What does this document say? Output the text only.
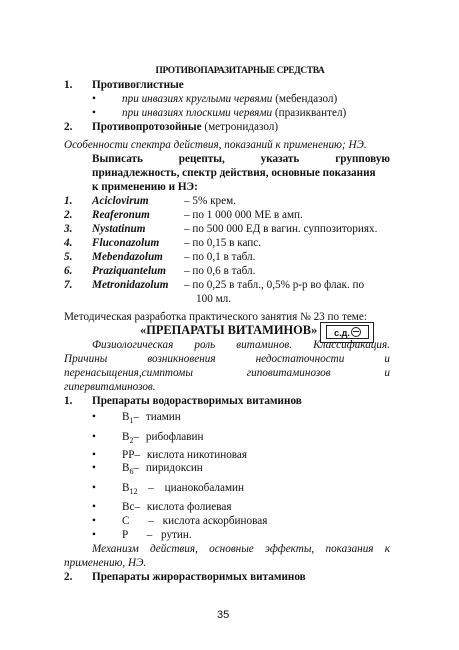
ПРОТИВОПАРАЗИТАРНЫЕ СРЕДСТВА
1. Противоглистные
• при инвазиях круглыми червями (мебендазол)
• при инвазиях плоскими червями (празиквантел)
2. Противопротозойные (метронидазол)
Особенности спектра действия, показаний к применению; НЭ.
Выписать	рецепты,	указать	групповую
принадлежность, спектр действия, основные показания
к применению и НЭ:
1. Aciclovirum	– 5% крем.
2. Reaferonum	– по 1 000 000 МЕ в амп.
3. Nystatinum	– по 500 000 ЕД в вагин. суппозиториях.
4. Fluconazolum – по 0,15 в капс.
5. Mebendazolum – по 0,1 в табл.
6. Praziquantelum – по 0,6 в табл.
7. Metronidazolum – по 0,25 в табл., 0,5% р-р во флак. по
100 мл.
Методическая разработка практического занятия № 23 по теме:
«ПРЕПАРАТЫ ВИТАМИНОВ»	с.д.
Физиологическая роль витаминов. Классификация.
Причины	возникновения	недостаточности	и
перенасыщения,симптомы	гиповитаминозов	и
гипервитаминозов.
1. Препараты водорастворимых витаминов
• $B_1-$ тиамин
• $B_2-$ рибофлавин
• PP– кислота никотиновая
• $B_6-$ пиридоксин
• $B_{12}$ – цианокобаламин
• Bc– кислота фолиевая
• C – кислота аскорбиновая
• P – рутин.
Механизм действия, основные эффекты, показания к
применению, НЭ.
2. Препараты жирорастворимых витаминов
35
